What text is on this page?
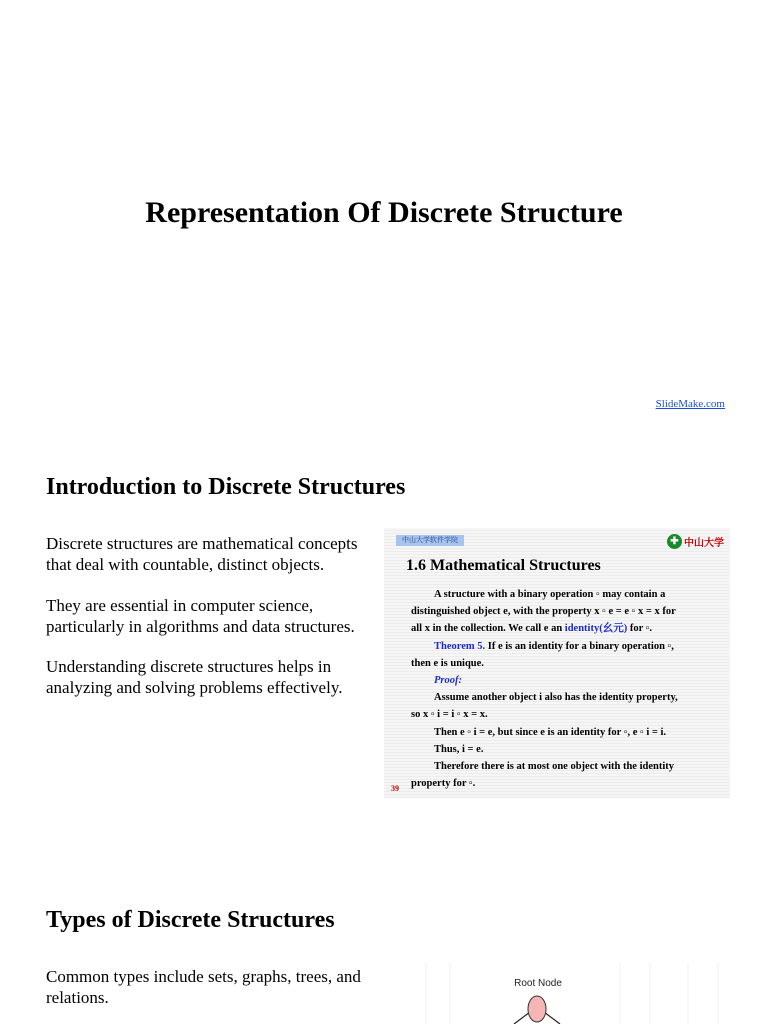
Representation Of Discrete Structure
SlideMake.com
Introduction to Discrete Structures

Discrete structures are mathematical concepts that deal with countable, distinct objects.

They are essential in computer science, particularly in algorithms and data structures.

Understanding discrete structures helps in analyzing and solving problems effectively.

中山大学软件学院	✚ 中山大学
1.6 Mathematical Structures

A structure with a binary operation ▫ may contain a

distinguished object e, with the property x ▫ e = e ▫ x = x for

all x in the collection. We call e an identity(幺元) for ▫.

Theorem 5. If e is an identity for a binary operation ▫,

then e is unique.

Proof:

Assume another object i also has the identity property,

so x ▫ i = i ▫ x = x.

Then e ▫ i = e, but since e is an identity for ▫, e ▫ i = i.

Thus, i = e.

Therefore there is at most one object with the identity

property for ▫.

39
Types of Discrete Structures

Common types include sets, graphs, trees, and relations.

Root Node
